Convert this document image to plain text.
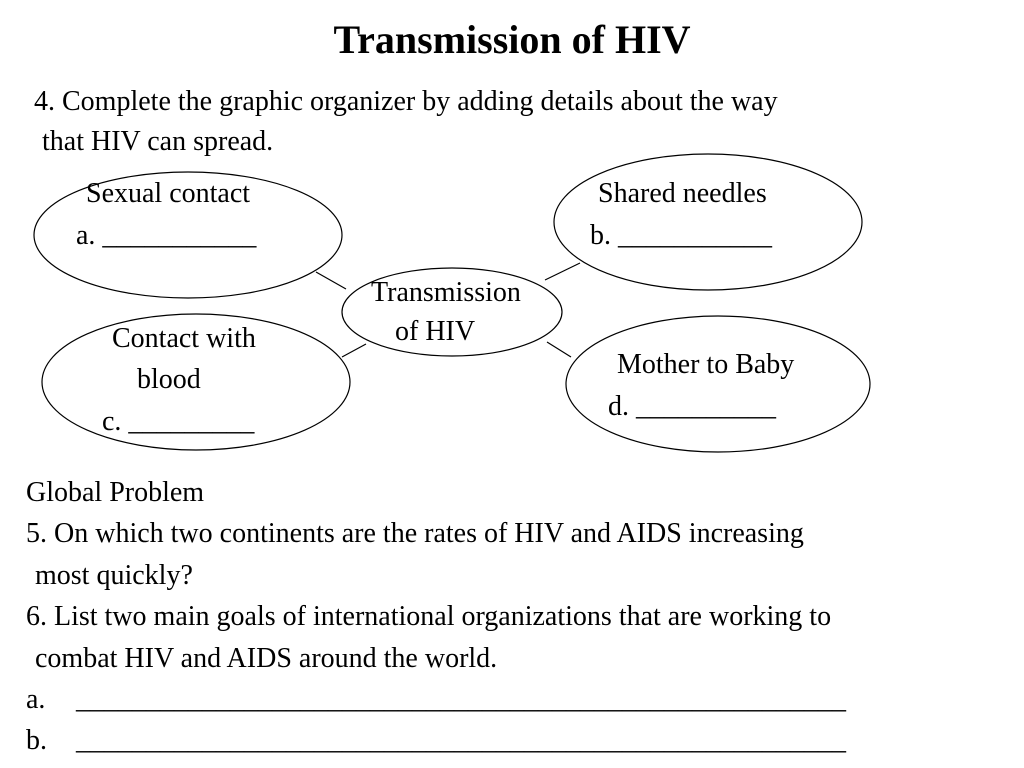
Transmission of HIV
4. Complete the graphic organizer by adding details about the way
that HIV can spread.
Sexual contact
a. ___________
Shared needles
b. ___________
Transmission
of HIV
Contact with
blood
c. _________
Mother to Baby
d. __________
Global Problem
5. On which two continents are the rates of HIV and AIDS increasing
most quickly?
6. List two main goals of international organizations that are working to
combat HIV and AIDS around the world.
a. _______________________________________________________
b. _______________________________________________________
